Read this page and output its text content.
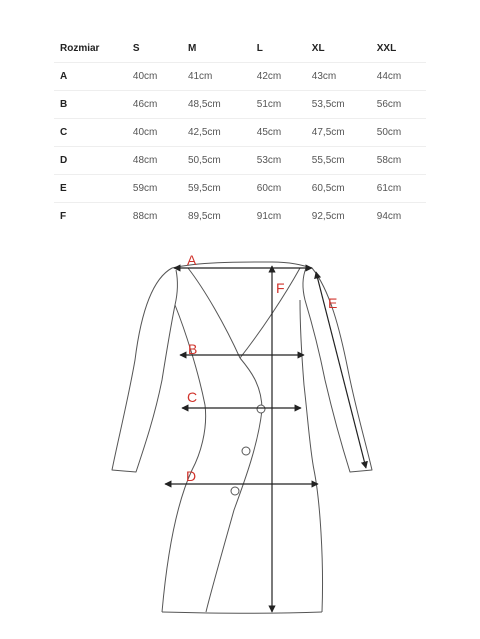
Rozmiar	S	M	L	XL	XXL
A	40cm	41cm	42cm	43cm	44cm
B	46cm	48,5cm	51cm	53,5cm	56cm
C	40cm	42,5cm	45cm	47,5cm	50cm
D	48cm	50,5cm	53cm	55,5cm	58cm
E	59cm	59,5cm	60cm	60,5cm	61cm
F	88cm	89,5cm	91cm	92,5cm	94cm
A
B
C
D
E
F
